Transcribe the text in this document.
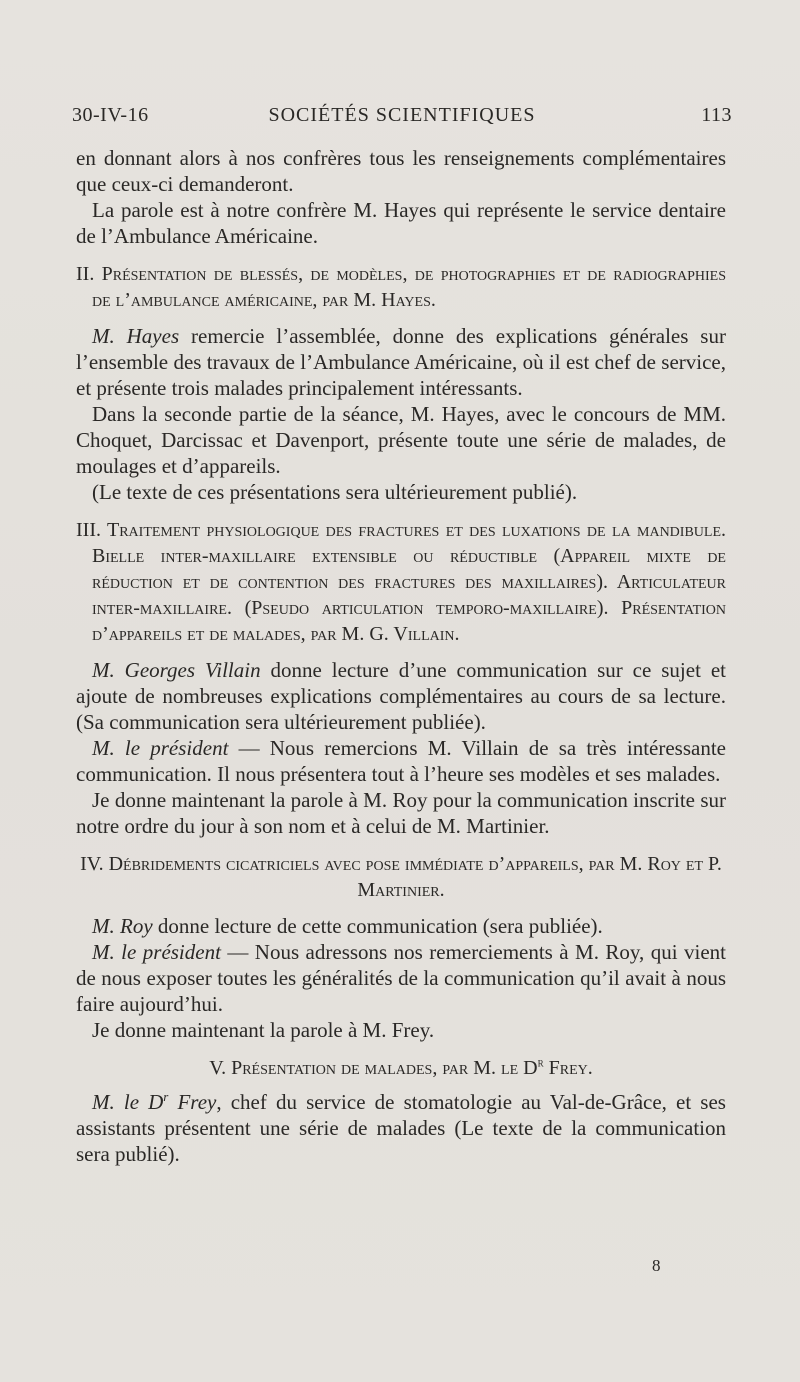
30-IV-16	SOCIÉTÉS SCIENTIFIQUES	113

en donnant alors à nos confrères tous les renseignements complémentaires que ceux-ci demanderont.

La parole est à notre confrère M. Hayes qui représente le service dentaire de l’Ambulance Américaine.

II. Présentation de blessés, de modèles, de photographies et de radiographies de l’ambulance américaine, par M. Hayes.

M. Hayes remercie l’assemblée, donne des explications générales sur l’ensemble des travaux de l’Ambulance Américaine, où il est chef de service, et présente trois malades principalement intéressants.

Dans la seconde partie de la séance, M. Hayes, avec le concours de MM. Choquet, Darcissac et Davenport, présente toute une série de malades, de moulages et d’appareils.

(Le texte de ces présentations sera ultérieurement publié).

III. Traitement physiologique des fractures et des luxations de la mandibule. Bielle inter-maxillaire extensible ou réductible (Appareil mixte de réduction et de contention des fractures des maxillaires). Articulateur inter-maxillaire. (Pseudo articulation temporo-maxillaire). Présentation d’appareils et de malades, par M. G. Villain.

M. Georges Villain donne lecture d’une communication sur ce sujet et ajoute de nombreuses explications complémentaires au cours de sa lecture. (Sa communication sera ultérieurement publiée).

M. le président — Nous remercions M. Villain de sa très intéressante communication. Il nous présentera tout à l’heure ses modèles et ses malades.

Je donne maintenant la parole à M. Roy pour la communication inscrite sur notre ordre du jour à son nom et à celui de M. Martinier.

IV. Débridements cicatriciels avec pose immédiate d’appareils, par M. Roy et P. Martinier.

M. Roy donne lecture de cette communication (sera publiée).

M. le président — Nous adressons nos remerciements à M. Roy, qui vient de nous exposer toutes les généralités de la communication qu’il avait à nous faire aujourd’hui.

Je donne maintenant la parole à M. Frey.

V. Présentation de malades, par M. le $D^r$ Frey.

M. le $D^r$ Frey, chef du service de stomatologie au Val-de-Grâce, et ses assistants présentent une série de malades (Le texte de la communication sera publié).

8
